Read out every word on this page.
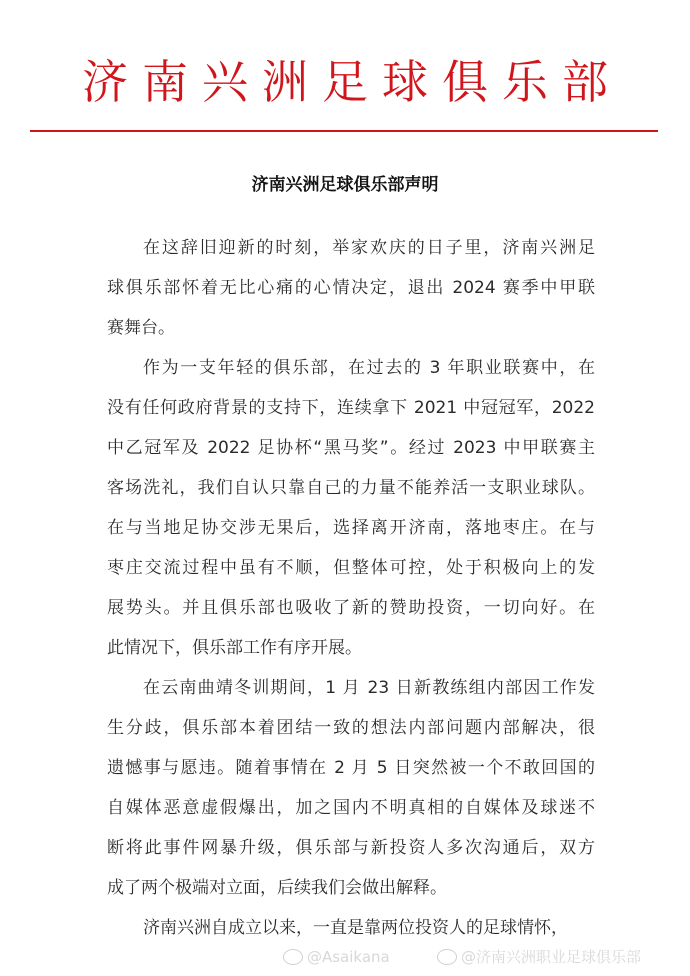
济南兴洲足球俱乐部
济南兴洲足球俱乐部声明
在这辞旧迎新的时刻，举家欢庆的日子里，济南兴洲足
球俱乐部怀着无比心痛的心情决定，退出 2024 赛季中甲联
赛舞台。
作为一支年轻的俱乐部，在过去的 3 年职业联赛中，在
没有任何政府背景的支持下，连续拿下 2021 中冠冠军，2022
中乙冠军及 2022 足协杯“黑马奖”。经过 2023 中甲联赛主
客场洗礼，我们自认只靠自己的力量不能养活一支职业球队。
在与当地足协交涉无果后，选择离开济南，落地枣庄。在与
枣庄交流过程中虽有不顺，但整体可控，处于积极向上的发
展势头。并且俱乐部也吸收了新的赞助投资，一切向好。在
此情况下，俱乐部工作有序开展。
在云南曲靖冬训期间，1 月 23 日新教练组内部因工作发
生分歧，俱乐部本着团结一致的想法内部问题内部解决，很
遗憾事与愿违。随着事情在 2 月 5 日突然被一个不敢回国的
自媒体恶意虚假爆出，加之国内不明真相的自媒体及球迷不
断将此事件网暴升级，俱乐部与新投资人多次沟通后，双方
成了两个极端对立面，后续我们会做出解释。
济南兴洲自成立以来，一直是靠两位投资人的足球情怀，
@Asaikana	@济南兴洲职业足球俱乐部
